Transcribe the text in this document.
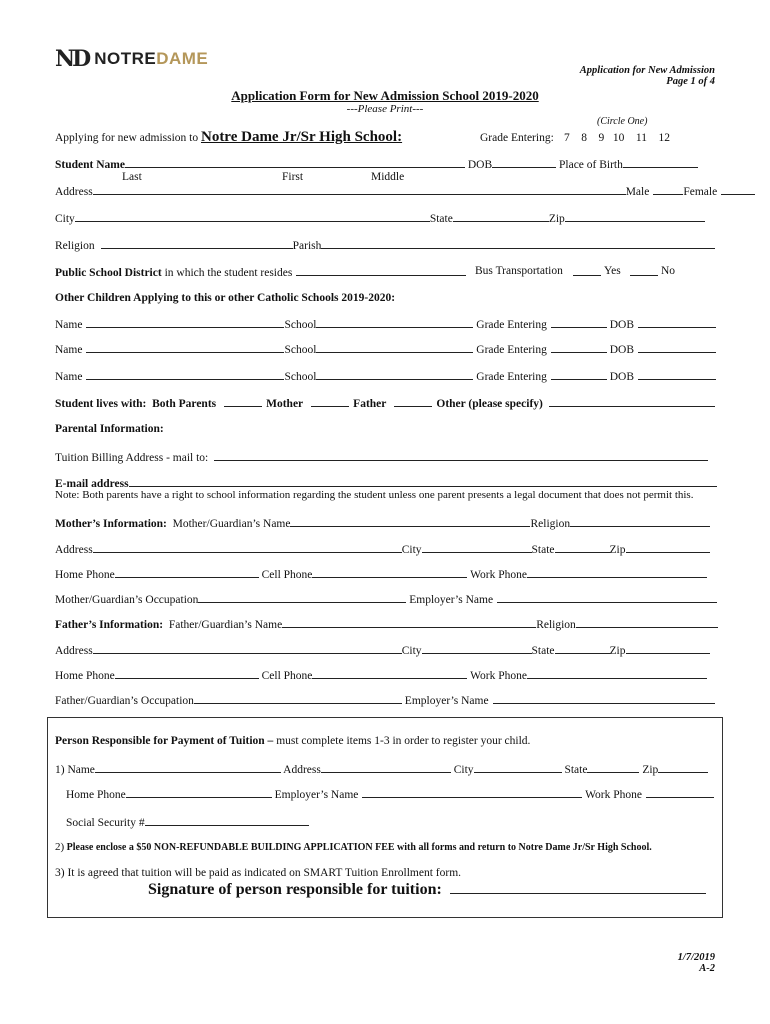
ND NOTREDAME
Application for New Admission
Page 1 of 4
Application Form for New Admission School 2019-2020
---Please Print---
(Circle One)
Applying for new admission to Notre Dame Jr/Sr High School:	Grade Entering: 7    8    9   10    11    12
Student Name	DOB	Place of Birth
Last	First	Middle
Address	Male	Female
City	State	Zip
Religion	Parish
Public School District in which the student resides	Bus Transportation	Yes	No
Other Children Applying to this or other Catholic Schools 2019-2020:
Name	School	Grade Entering	DOB
Name	School	Grade Entering	DOB
Name	School	Grade Entering	DOB
Student lives with: Both Parents	Mother	Father	Other (please specify)
Parental Information:
Tuition Billing Address - mail to:
E-mail address
Note: Both parents have a right to school information regarding the student unless one parent presents a legal document that does not permit this.
Mother’s Information: Mother/Guardian’s Name	Religion
Address	City	State	Zip
Home Phone	Cell Phone	Work Phone
Mother/Guardian’s Occupation	Employer’s Name
Father’s Information: Father/Guardian’s Name	Religion
Address	City	State	Zip
Home Phone	Cell Phone	Work Phone
Father/Guardian’s Occupation	Employer’s Name
Person Responsible for Payment of Tuition – must complete items 1-3 in order to register your child.
1) Name	Address	City	State	Zip
Home Phone	Employer’s Name	Work Phone
Social Security #
2) Please enclose a $50 NON-REFUNDABLE BUILDING APPLICATION FEE with all forms and return to Notre Dame Jr/Sr High School.
3) It is agreed that tuition will be paid as indicated on SMART Tuition Enrollment form.
Signature of person responsible for tuition:
1/7/2019
A-2
